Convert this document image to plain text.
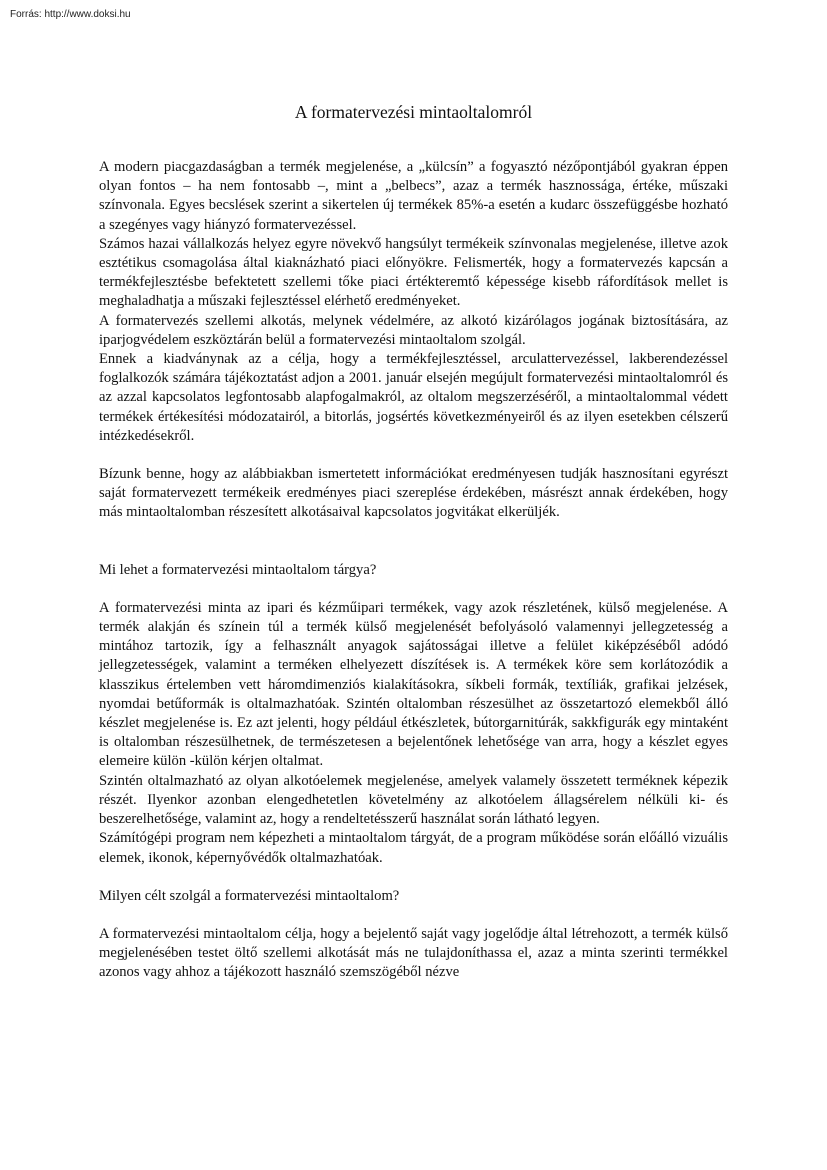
Forrás: http://www.doksi.hu
A formatervezési mintaoltalomról

A modern piacgazdaságban a termék megjelenése, a „külcsín” a fogyasztó nézőpontjából gyakran éppen olyan fontos – ha nem fontosabb –, mint a „belbecs”, azaz a termék hasznossága, értéke, műszaki színvonala. Egyes becslések szerint a sikertelen új termékek 85%-a esetén a kudarc összefüggésbe hozható a szegényes vagy hiányzó formatervezéssel.

Számos hazai vállalkozás helyez egyre növekvő hangsúlyt termékeik színvonalas megjelenése, illetve azok esztétikus csomagolása által kiaknázható piaci előnyökre. Felismerték, hogy a formatervezés kapcsán a termékfejlesztésbe befektetett szellemi tőke piaci értékteremtő képessége kisebb ráfordítások mellet is meghaladhatja a műszaki fejlesztéssel elérhető eredményeket.

A formatervezés szellemi alkotás, melynek védelmére, az alkotó kizárólagos jogának biztosítására, az iparjogvédelem eszköztárán belül a formatervezési mintaoltalom szolgál.

Ennek a kiadványnak az a célja, hogy a termékfejlesztéssel, arculattervezéssel, lakberendezéssel foglalkozók számára tájékoztatást adjon a 2001. január elsején megújult formatervezési mintaoltalomról és az azzal kapcsolatos legfontosabb alapfogalmakról, az oltalom megszerzéséről, a mintaoltalommal védett termékek értékesítési módozatairól, a bitorlás, jogsértés következményeiről és az ilyen esetekben célszerű intézkedésekről.

Bízunk benne, hogy az alábbiakban ismertetett információkat eredményesen tudják hasznosítani egyrészt saját formatervezett termékeik eredményes piaci szereplése érdekében, másrészt annak érdekében, hogy más mintaoltalomban részesített alkotásaival kapcsolatos jogvitákat elkerüljék.

Mi lehet a formatervezési mintaoltalom tárgya?

A formatervezési minta az ipari és kézműipari termékek, vagy azok részletének, külső megjelenése. A termék alakján és színein túl a termék külső megjelenését befolyásoló valamennyi jellegzetesség a mintához tartozik, így a felhasznált anyagok sajátosságai illetve a felület kiképzéséből adódó jellegzetességek, valamint a terméken elhelyezett díszítések is. A termékek köre sem korlátozódik a klasszikus értelemben vett háromdimenziós kialakításokra, síkbeli formák, textíliák, grafikai jelzések, nyomdai betűformák is oltalmazhatóak. Szintén oltalomban részesülhet az összetartozó elemekből álló készlet megjelenése is. Ez azt jelenti, hogy például étkészletek, bútorgarnitúrák, sakkfigurák egy mintaként is oltalomban részesülhetnek, de természetesen a bejelentőnek lehetősége van arra, hogy a készlet egyes elemeire külön -külön kérjen oltalmat.

Szintén oltalmazható az olyan alkotóelemek megjelenése, amelyek valamely összetett terméknek képezik részét. Ilyenkor azonban elengedhetetlen követelmény az alkotóelem állagsérelem nélküli ki- és beszerelhetősége, valamint az, hogy a rendeltetésszerű használat során látható legyen.

Számítógépi program nem képezheti a mintaoltalom tárgyát, de a program működése során előálló vizuális elemek, ikonok, képernyővédők oltalmazhatóak.

Milyen célt szolgál a formatervezési mintaoltalom?

A formatervezési mintaoltalom célja, hogy a bejelentő saját vagy jogelődje által létrehozott, a termék külső megjelenésében testet öltő szellemi alkotását más ne tulajdoníthassa el, azaz a minta szerinti termékkel azonos vagy ahhoz a tájékozott használó szemszögéből nézve
